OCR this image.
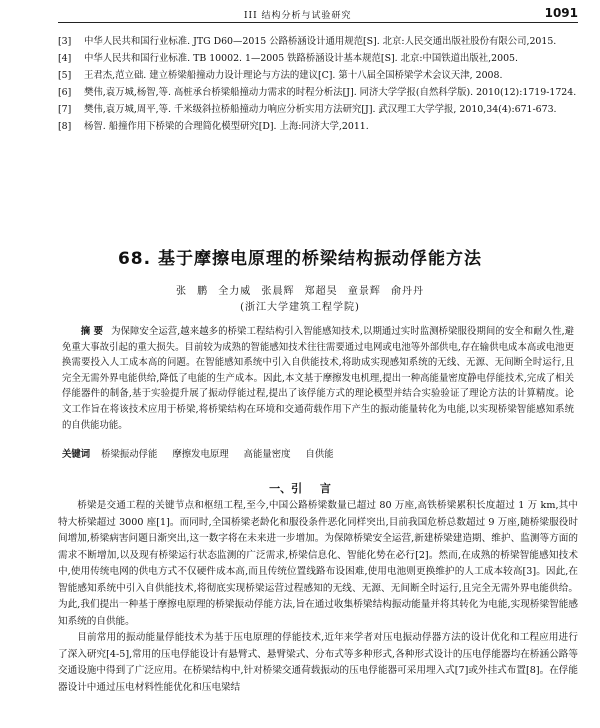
III 结构分析与试验研究	1091
[3]	中华人民共和国行业标准. JTG D60—2015 公路桥涵设计通用规范[S]. 北京:人民交通出版社股份有限公司,2015.
[4]	中华人民共和国行业标准. TB 10002. 1—2005 铁路桥涵设计基本规范[S]. 北京:中国铁道出版社,2005.
[5]	王君杰,范立础. 建立桥梁船撞动力设计理论与方法的建议[C]. 第十八届全国桥梁学术会议天津, 2008.
[6]	樊伟,袁万城,杨智,等. 高桩承台桥梁船撞动力需求的时程分析法[J]. 同济大学学报(自然科学版). 2010(12):1719-1724.
[7]	樊伟,袁万城,周平,等. 千米级斜拉桥船撞动力响应分析实用方法研究[J]. 武汉理工大学学报, 2010,34(4):671-673.
[8]	杨智. 船撞作用下桥梁的合理简化模型研究[D]. 上海:同济大学,2011.
68. 基于摩擦电原理的桥梁结构振动俘能方法
张 鹏 全力威 张晨辉 郑超昊 童景辉 俞丹丹
(浙江大学建筑工程学院)
摘 要 为保障安全运营,越来越多的桥梁工程结构引入智能感知技术,以期通过实时监测桥梁服役期间的安全和耐久性,避免重大事故引起的重大损失。目前较为成熟的智能感知技术往往需要通过电网或电池等外部供电,存在输供电成本高或电池更换需要投入人工成本高的问题。在智能感知系统中引入自供能技术,将助成实现感知系统的无线、无源、无间断全时运行,且完全无需外界电能供给,降低了电能的生产成本。因此,本文基于摩擦发电机理,提出一种高能量密度静电俘能技术,完成了相关俘能器件的制备,基于实验提升展了振动俘能过程,提出了该俘能方式的理论模型并结合实验验证了理论方法的计算精度。论文工作旨在将该技术应用于桥梁,将桥梁结构在环境和交通荷载作用下产生的振动能量转化为电能,以实现桥梁智能感知系统的自供能功能。
关键词 桥梁振动俘能 摩擦发电原理 高能量密度 自供能
一、引 言

桥梁是交通工程的关键节点和枢纽工程,至今,中国公路桥梁数量已超过 80 万座,高铁桥梁累积长度超过 1 万 km,其中特大桥梁超过 3000 座[1]。而同时,全国桥梁老龄化和服役条件恶化同样突出,目前我国危桥总数超过 9 万座,随桥梁服役时间增加,桥梁病害问题日渐突出,这一数字将在未来进一步增加。为保障桥梁安全运营,新建桥梁建造期、维护、监测等方面的需求不断增加,以及现有桥梁运行状态监测的广泛需求,桥梁信息化、智能化势在必行[2]。然而,在成熟的桥梁智能感知技术中,使用传统电网的供电方式不仅硬件成本高,而且传统位置线路布设困难,使用电池则更换维护的人工成本较高[3]。因此,在智能感知系统中引入自供能技术,将彻底实现桥梁运营过程感知的无线、无源、无间断全时运行,且完全无需外界电能供给。为此,我们提出一种基于摩擦电原理的桥梁振动俘能方法,旨在通过收集桥梁结构振动能量并将其转化为电能,实现桥梁智能感知系统的自供能。

目前常用的振动能量俘能技术为基于压电原理的俘能技术,近年来学者对压电振动俘器方法的设计优化和工程应用进行了深入研究[4-5],常用的压电俘能设计有悬臂式、悬臂梁式、分布式等多种形式,各种形式设计的压电俘能器均在桥涵公路等交通设施中得到了广泛应用。在桥梁结构中,针对桥梁交通荷载振动的压电俘能器可采用埋入式[7]或外挂式布置[8]。在俘能器设计中通过压电材料性能优化和压电梁结
